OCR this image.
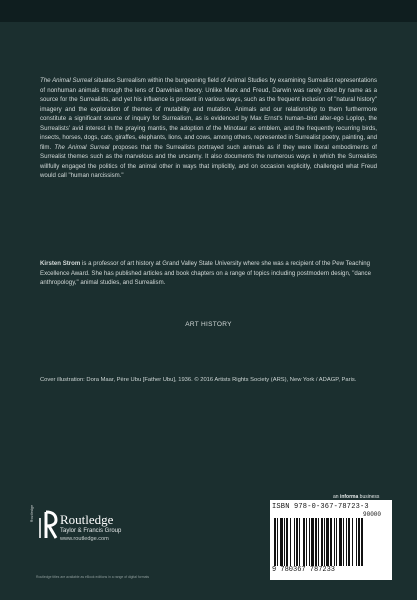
The Animal Surreal situates Surrealism within the burgeoning field of Animal Studies by examining Surrealist representations of nonhuman animals through the lens of Darwinian theory. Unlike Marx and Freud, Darwin was rarely cited by name as a source for the Surrealists, and yet his influence is present in various ways, such as the frequent inclusion of "natural history" imagery and the exploration of themes of mutability and mutation. Animals and our relationship to them furthermore constitute a significant source of inquiry for Surrealism, as is evidenced by Max Ernst's human–bird alter-ego Loplop, the Surrealists' avid interest in the praying mantis, the adoption of the Minotaur as emblem, and the frequently recurring birds, insects, horses, dogs, cats, giraffes, elephants, lions, and cows, among others, represented in Surrealist poetry, painting, and film. The Animal Surreal proposes that the Surrealists portrayed such animals as if they were literal embodiments of Surrealist themes such as the marvelous and the uncanny. It also documents the numerous ways in which the Surrealists willfully engaged the politics of the animal other in ways that implicitly, and on occasion explicitly, challenged what Freud would call "human narcissism."

Kirsten Strom is a professor of art history at Grand Valley State University where she was a recipient of the Pew Teaching Excellence Award. She has published articles and book chapters on a range of topics including postmodern design, "dance anthropology," animal studies, and Surrealism.

ART HISTORY
Cover illustration: Dora Maar, Père Ubu [Father Ubu], 1936. © 2016 Artists Rights Society (ARS), New York / ADAGP, Paris.
Routledge Routledge
Taylor & Francis Group
www.routledge.com
Routledge titles are available as eBook editions in a range of digital formats
an informa business
ISBN 978-0-367-78723-3
90000
9 780367 787233
